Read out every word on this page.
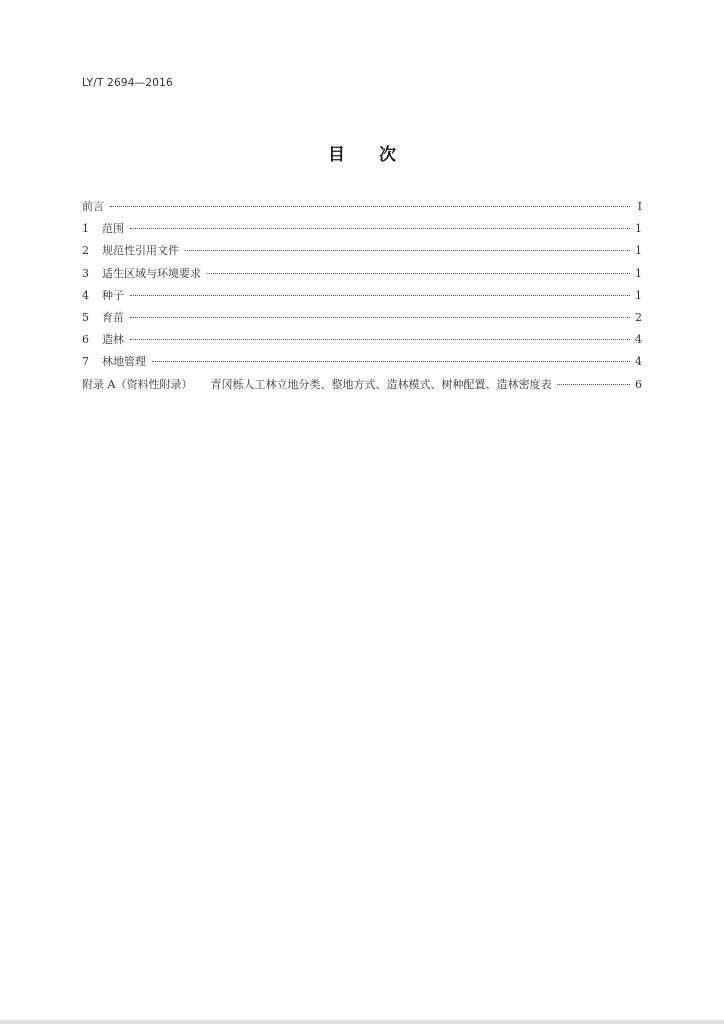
LY/T 2694—2016
目　　次
前言	I
1	范围	1
2	规范性引用文件	1
3	适生区域与环境要求	1
4	种子	1
5	育苗	2
6	造林	4
7	林地管理	4
附录 A（资料性附录） 青冈栎人工林立地分类、整地方式、造林模式、树种配置、造林密度表	6
